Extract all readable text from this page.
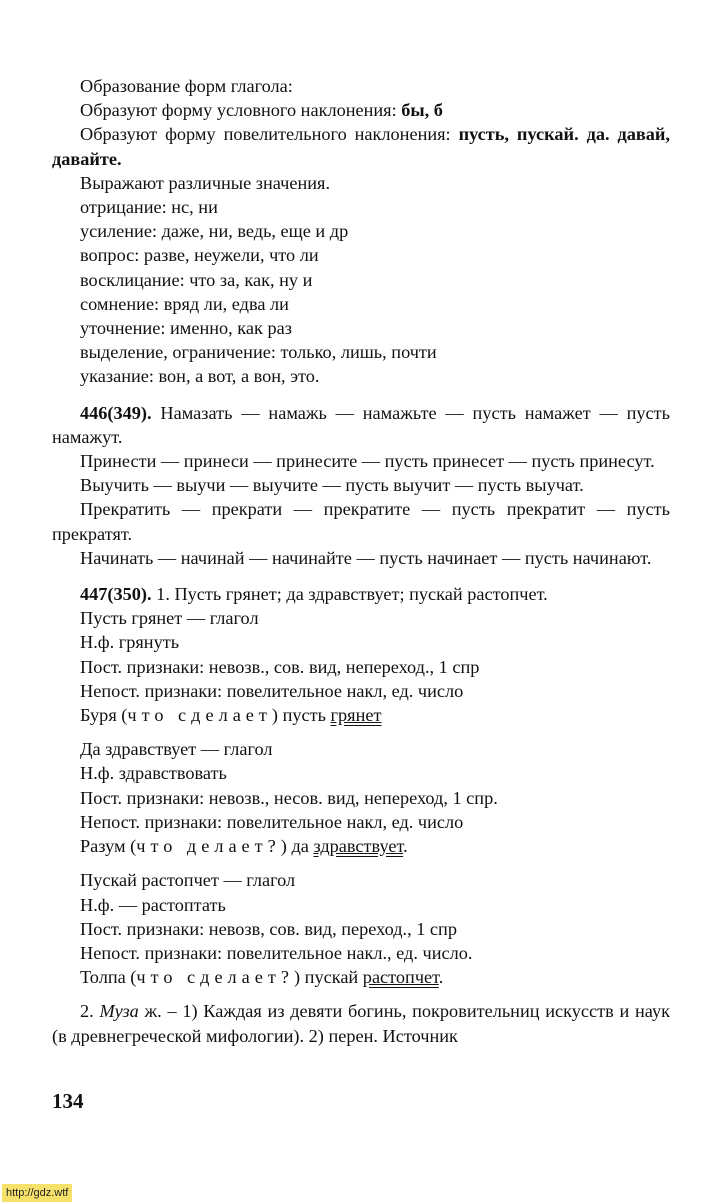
Образование форм глагола:

Образуют форму условного наклонения: бы, б

Образуют форму повелительного наклонения: пусть, пускай. да. давай, давайте.

Выражают различные значения.

отрицание: нс, ни

усиление: даже, ни, ведь, еще и др

вопрос: разве, неужели, что ли

восклицание: что за, как, ну и

сомнение: вряд ли, едва ли

уточнение: именно, как раз

выделение, ограничение: только, лишь, почти

указание: вон, а вот, а вон, это.

446(349). Намазать — намажь — намажьте — пусть намажет — пусть намажут.

Принести — принеси — принесите — пусть принесет — пусть принесут.

Выучить — выучи — выучите — пусть выучит — пусть выучат.

Прекратить — прекрати — прекратите — пусть прекратит — пусть прекратят.

Начинать — начинай — начинайте — пусть начинает — пусть начинают.

447(350). 1. Пусть грянет; да здравствует; пускай растопчет.

Пусть грянет — глагол

Н.ф. грянуть

Пост. признаки: невозв., сов. вид, непереход., 1 спр

Непост. признаки: повелительное накл, ед. число

Буря (что сделает) пусть грянет

Да здравствует — глагол

Н.ф. здравствовать

Пост. признаки: невозв., несов. вид, непереход, 1 спр.

Непост. признаки: повелительное накл, ед. число

Разум (что делает?) да здравствует.

Пускай растопчет — глагол

Н.ф. — растоптать

Пост. признаки: невозв, сов. вид, переход., 1 спр

Непост. признаки: повелительное накл., ед. число.

Толпа (что сделает?) пускай растопчет.

2. Муза ж. – 1) Каждая из девяти богинь, покровительниц искусств и наук (в древнегреческой мифологии). 2) перен. Источник

134
http://gdz.wtf
